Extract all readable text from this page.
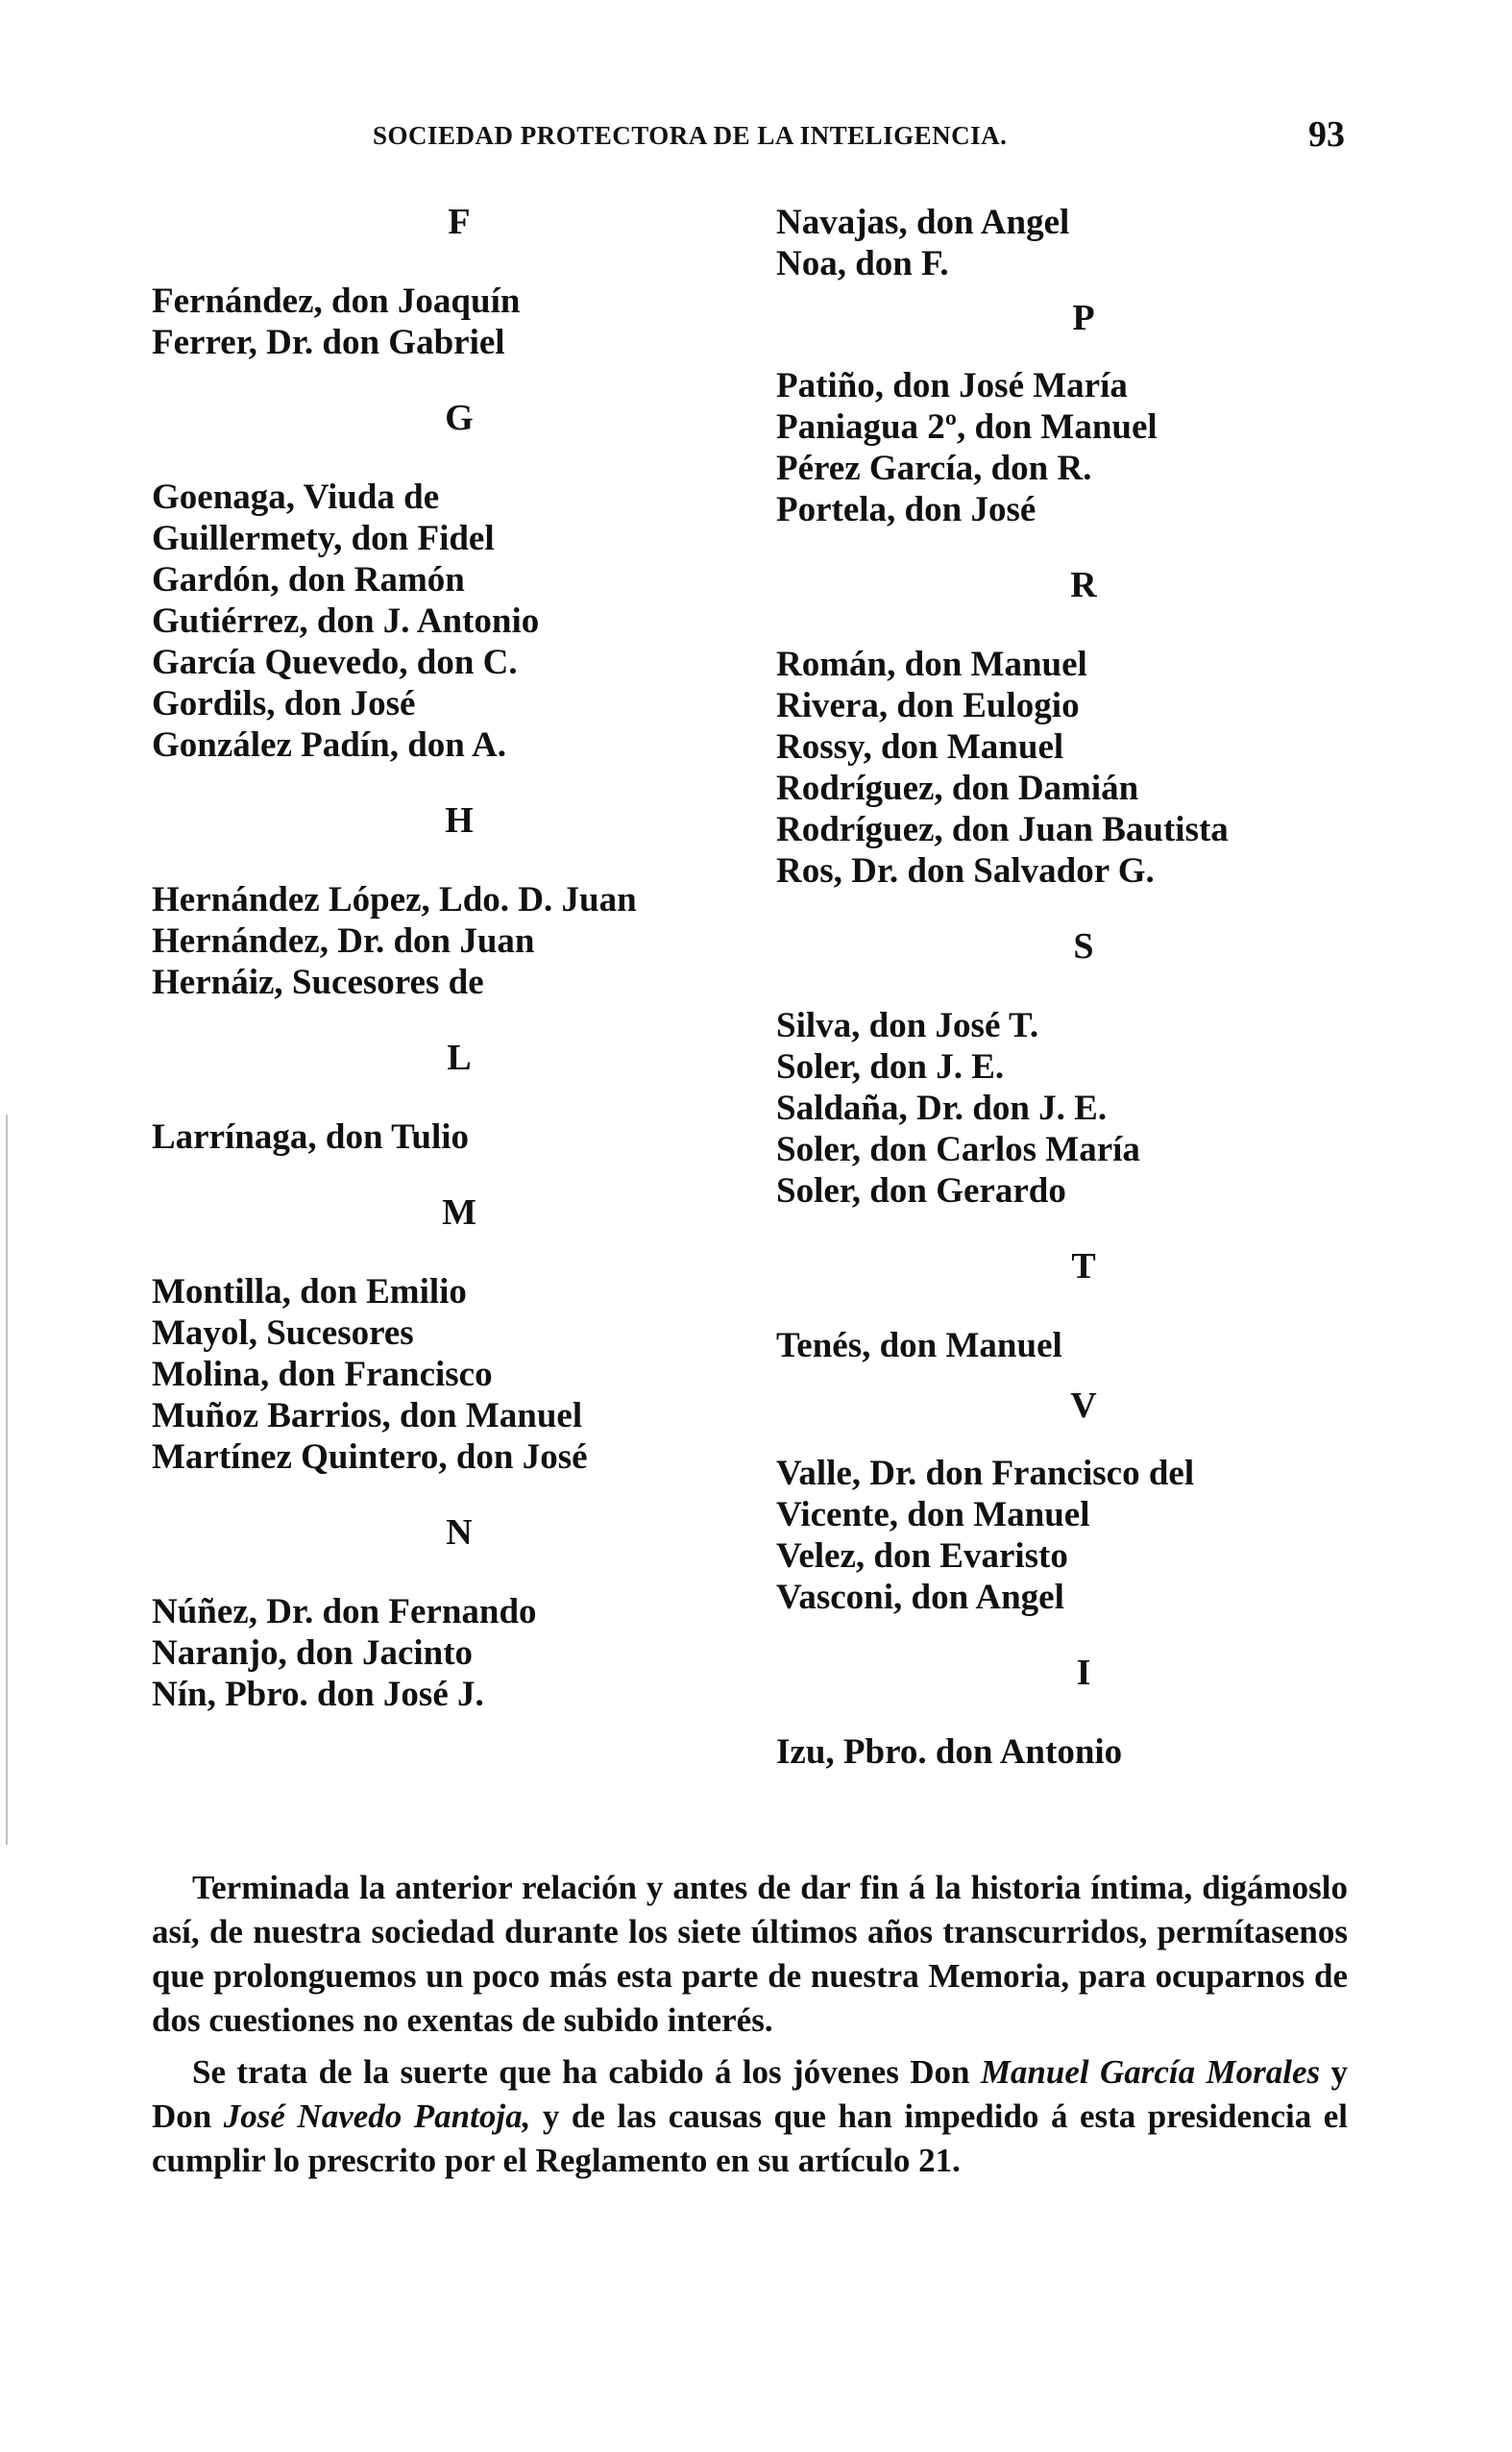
SOCIEDAD PROTECTORA DE LA INTELIGENCIA.	93
F
Fernández, don Joaquín
Ferrer, Dr. don Gabriel
G
Goenaga, Viuda de
Guillermety, don Fidel
Gardón, don Ramón
Gutiérrez, don J. Antonio
García Quevedo, don C.
Gordils, don José
González Padín, don A.
H
Hernández López, Ldo. D. Juan
Hernández, Dr. don Juan
Hernáiz, Sucesores de
L
Larrínaga, don Tulio
M
Montilla, don Emilio
Mayol, Sucesores
Molina, don Francisco
Muñoz Barrios, don Manuel
Martínez Quintero, don José
N
Núñez, Dr. don Fernando
Naranjo, don Jacinto
Nín, Pbro. don José J.
Navajas, don Angel
Noa, don F.
P
Patiño, don José María
Paniagua 2º, don Manuel
Pérez García, don R.
Portela, don José
R
Román, don Manuel
Rivera, don Eulogio
Rossy, don Manuel
Rodríguez, don Damián
Rodríguez, don Juan Bautista
Ros, Dr. don Salvador G.
S
Silva, don José T.
Soler, don J. E.
Saldaña, Dr. don J. E.
Soler, don Carlos María
Soler, don Gerardo
T
Tenés, don Manuel
V
Valle, Dr. don Francisco del
Vicente, don Manuel
Velez, don Evaristo
Vasconi, don Angel
I
Izu, Pbro. don Antonio

Terminada la anterior relación y antes de dar fin á la historia íntima, digámoslo así, de nuestra sociedad durante los siete últimos años transcurridos, permítasenos que prolonguemos un poco más esta parte de nuestra Memoria, para ocuparnos de dos cuestiones no exentas de subido interés.

Se trata de la suerte que ha cabido á los jóvenes Don Manuel García Morales y Don José Navedo Pantoja, y de las causas que han impedido á esta presidencia el cumplir lo prescrito por el Reglamento en su artículo 21.
